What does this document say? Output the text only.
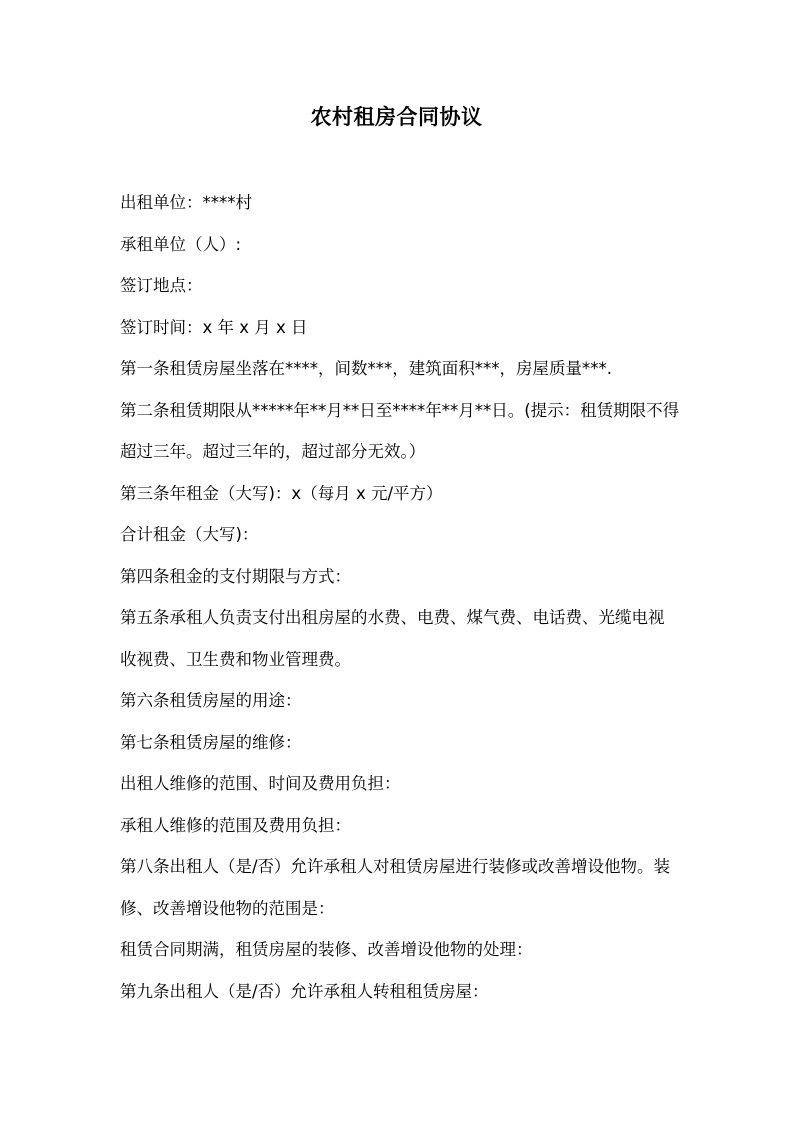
农村租房合同协议

出租单位：****村

承租单位（人）:

签订地点：

签订时间：x 年 x 月 x 日

第一条租赁房屋坐落在****，间数***，建筑面积***，房屋质量***.

第二条租赁期限从*****年**月**日至****年**月**日。(提示：租赁期限不得超过三年。超过三年的，超过部分无效。）

第三条年租金（大写)：x（每月 x 元/平方）

合计租金（大写)：

第四条租金的支付期限与方式：

第五条承租人负责支付出租房屋的水费、电费、煤气费、电话费、光缆电视收视费、卫生费和物业管理费。

第六条租赁房屋的用途：

第七条租赁房屋的维修：

出租人维修的范围、时间及费用负担：

承租人维修的范围及费用负担：

第八条出租人（是/否）允许承租人对租赁房屋进行装修或改善增设他物。装修、改善增设他物的范围是：

租赁合同期满，租赁房屋的装修、改善增设他物的处理：

第九条出租人（是/否）允许承租人转租租赁房屋：
